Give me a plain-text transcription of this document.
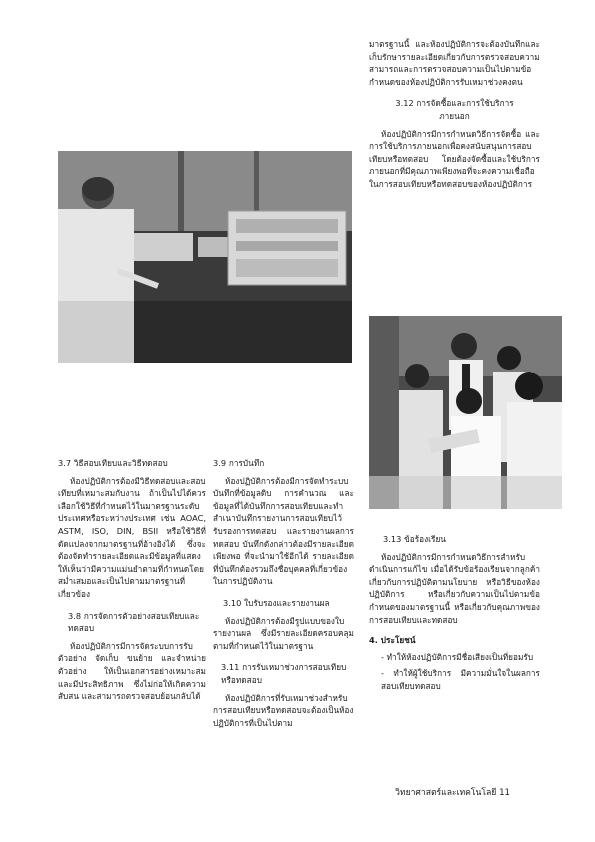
มาตรฐานนี้ และห้องปฏิบัติการจะต้องบันทึกและเก็บรักษารายละเอียดเกี่ยวกับการตรวจสอบความสามารถและการตรวจสอบความเป็นไปตามข้อกำหนดของห้องปฏิบัติการรับเหมาช่วงคงตน

3.12 การจัดซื้อและการใช้บริการภายนอก

ห้องปฏิบัติการมีการกำหนดวิธีการจัดซื้อ และการใช้บริการภายนอกเพื่อคงสนับสนุนการสอบเทียบหรือทดสอบ โดยต้องจัดซื้อและใช้บริการภายนอกที่มีคุณภาพเพียงพอที่จะคงความเชื่อถือในการสอบเทียบหรือทดสอบของห้องปฏิบัติการ

3.7 วิธีสอบเทียบและวิธีทดสอบ

ห้องปฏิบัติการต้องมีวิธีทดสอบและสอบเทียบที่เหมาะสมกับงาน ถ้าเป็นไปได้ควรเลือกใช้วิธีที่กำหนดไว้ในมาตรฐานระดับประเทศหรือระหว่างประเทศ เช่น AOAC, ASTM, ISO, DIN, BSII หรือใช้วิธีที่ดัดแปลงจากมาตรฐานที่อ้างอิงได้ ซึ่งจะต้องจัดทำรายละเอียดและมีข้อมูลที่แสดงให้เห็นว่ามีความแม่นยำตามที่กำหนดโดยสม่ำเสมอและเป็นไปตามมาตรฐานที่เกี่ยวข้อง

3.8 การจัดการตัวอย่างสอบเทียบและทดสอบ

ห้องปฏิบัติการมีการจัดระบบการรับตัวอย่าง จัดเก็บ ขนย้าย และจำหน่ายตัวอย่าง ให้เป็นเอกสารอย่างเหมาะสมและมีประสิทธิภาพ ซึ่งไม่ก่อให้เกิดความสับสน และสามารถตรวจสอบย้อนกลับได้

3.9 การบันทึก

ห้องปฏิบัติการต้องมีการจัดทำระบบบันทึกที่ข้อมูลดิบ การคำนวณ และข้อมูลที่ได้บันทึกการสอบเทียบและทำสำเนาบันทึกรายงานการสอบเทียบไว้ รับรองการทดสอบ และรายงานผลการทดสอบ บันทึกดังกล่าวต้องมีรายละเอียดเพียงพอ ที่จะนำมาใช้อีกได้ รายละเอียดที่บันทึกต้องรวมถึงชื่อบุคคลที่เกี่ยวข้องในการปฏิบัติงาน

3.10 ใบรับรองและรายงานผล

ห้องปฏิบัติการต้องมีรูปแบบของใบรายงานผล ซึ่งมีรายละเอียดครอบคลุมตามที่กำหนดไว้ในมาตรฐาน

3.11 การรับเหมาช่วงการสอบเทียบหรือทดสอบ

ห้องปฏิบัติการที่รับเหมาช่วงสำหรับการสอบเทียบหรือทดสอบจะต้องเป็นห้องปฏิบัติการที่เป็นไปตาม

3.13 ข้อร้องเรียน

ห้องปฏิบัติการมีการกำหนดวิธีการสำหรับดำเนินการแก้ไข เมื่อได้รับข้อร้องเรียนจากลูกค้า เกี่ยวกับการปฏิบัติตามนโยบาย หรือวิธีของห้องปฏิบัติการ หรือเกี่ยวกับความเป็นไปตามข้อกำหนดของมาตรฐานนี้ หรือเกี่ยวกับคุณภาพของการสอบเทียบและทดสอบ

4. ประโยชน์

- ทำให้ห้องปฏิบัติการมีชื่อเสียงเป็นที่ยอมรับ

- ทำให้ผู้ใช้บริการ มีความมั่นใจในผลการสอบเทียบทดสอบ

วิทยาศาสตร์และเทคโนโลยี 11
